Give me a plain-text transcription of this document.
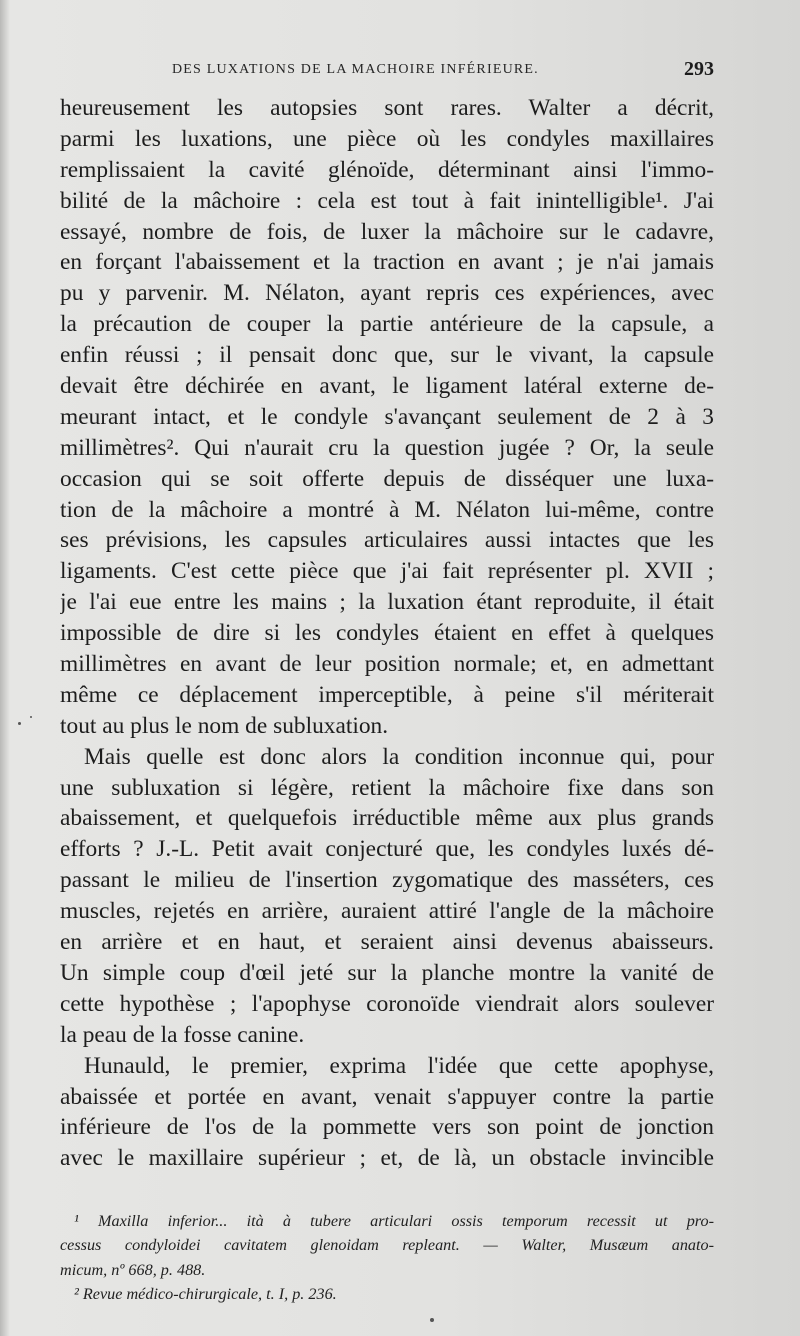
DES LUXATIONS DE LA MACHOIRE INFÉRIEURE.	293
heureusement les autopsies sont rares. Walter a décrit,
parmi les luxations, une pièce où les condyles maxillaires
remplissaient la cavité glénoïde, déterminant ainsi l'immo-
bilité de la mâchoire : cela est tout à fait inintelligible¹. J'ai
essayé, nombre de fois, de luxer la mâchoire sur le cadavre,
en forçant l'abaissement et la traction en avant ; je n'ai jamais
pu y parvenir. M. Nélaton, ayant repris ces expériences, avec
la précaution de couper la partie antérieure de la capsule, a
enfin réussi ; il pensait donc que, sur le vivant, la capsule
devait être déchirée en avant, le ligament latéral externe de-
meurant intact, et le condyle s'avançant seulement de 2 à 3
millimètres². Qui n'aurait cru la question jugée ? Or, la seule
occasion qui se soit offerte depuis de disséquer une luxa-
tion de la mâchoire a montré à M. Nélaton lui-même, contre
ses prévisions, les capsules articulaires aussi intactes que les
ligaments. C'est cette pièce que j'ai fait représenter pl. XVII ;
je l'ai eue entre les mains ; la luxation étant reproduite, il était
impossible de dire si les condyles étaient en effet à quelques
millimètres en avant de leur position normale; et, en admettant
même ce déplacement imperceptible, à peine s'il mériterait
tout au plus le nom de subluxation.
Mais quelle est donc alors la condition inconnue qui, pour
une subluxation si légère, retient la mâchoire fixe dans son
abaissement, et quelquefois irréductible même aux plus grands
efforts ? J.-L. Petit avait conjecturé que, les condyles luxés dé-
passant le milieu de l'insertion zygomatique des masséters, ces
muscles, rejetés en arrière, auraient attiré l'angle de la mâchoire
en arrière et en haut, et seraient ainsi devenus abaisseurs.
Un simple coup d'œil jeté sur la planche montre la vanité de
cette hypothèse ; l'apophyse coronoïde viendrait alors soulever
la peau de la fosse canine.
Hunauld, le premier, exprima l'idée que cette apophyse,
abaissée et portée en avant, venait s'appuyer contre la partie
inférieure de l'os de la pommette vers son point de jonction
avec le maxillaire supérieur ; et, de là, un obstacle invincible
¹ Maxilla inferior... ità à tubere articulari ossis temporum recessit ut pro-
cessus condyloidei cavitatem glenoidam repleant. — Walter, Musæum anato-
micum, nº 668, p. 488.
² Revue médico-chirurgicale, t. I, p. 236.
